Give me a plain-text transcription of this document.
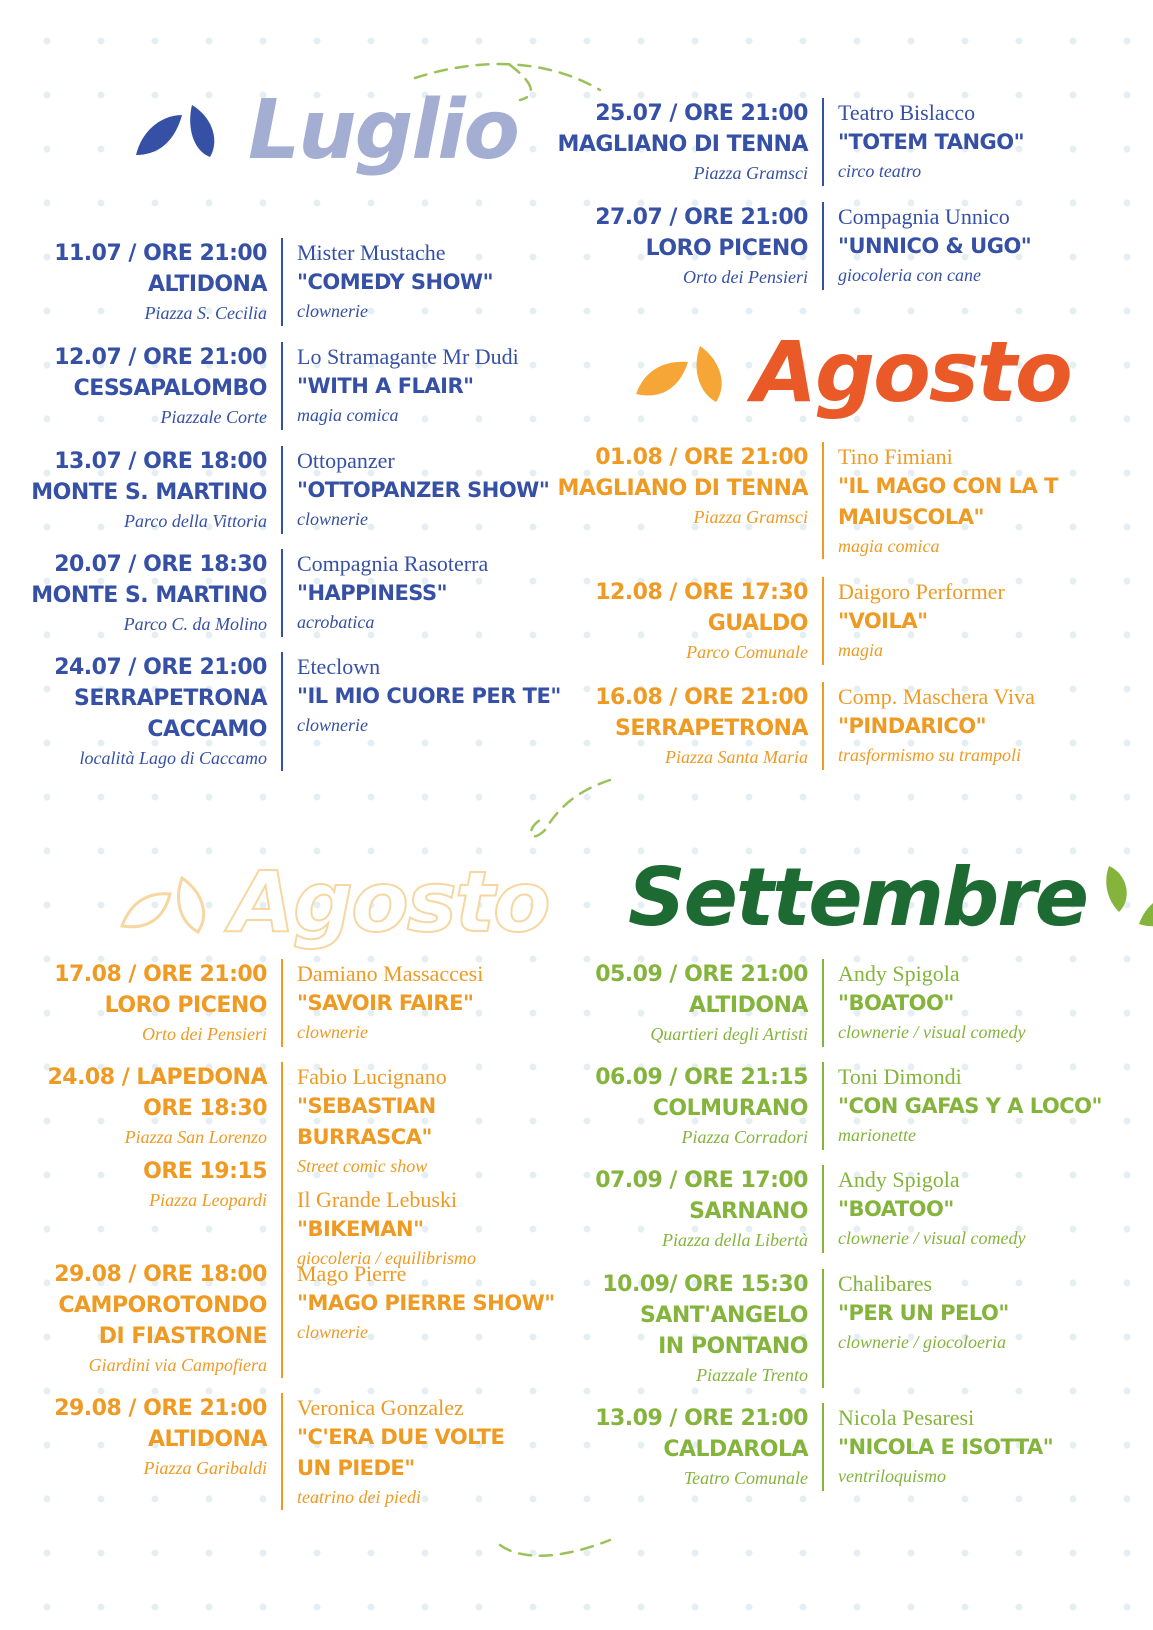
Luglio
Agosto
Agosto Settembre
11.07 / ORE 21:00
ALTIDONA
Piazza S. Cecilia
Mister Mustache
"COMEDY SHOW"
clownerie
12.07 / ORE 21:00
CESSAPALOMBO
Piazzale Corte
Lo Stramagante Mr Dudi
"WITH A FLAIR"
magia comica
13.07 / ORE 18:00
MONTE S. MARTINO
Parco della Vittoria
Ottopanzer
"OTTOPANZER SHOW"
clownerie
20.07 / ORE 18:30
MONTE S. MARTINO
Parco C. da Molino
Compagnia Rasoterra
"HAPPINESS"
acrobatica
24.07 / ORE 21:00
SERRAPETRONA
CACCAMO
località Lago di Caccamo
Eteclown
"IL MIO CUORE PER TE"
clownerie
25.07 / ORE 21:00
MAGLIANO DI TENNA
Piazza Gramsci
Teatro Bislacco
"TOTEM TANGO"
circo teatro
27.07 / ORE 21:00
LORO PICENO
Orto dei Pensieri
Compagnia Unnico
"UNNICO & UGO"
giocoleria con cane
01.08 / ORE 21:00
MAGLIANO DI TENNA
Piazza Gramsci
Tino Fimiani
"IL MAGO CON LA T
MAIUSCOLA"
magia comica
12.08 / ORE 17:30
GUALDO
Parco Comunale
Daigoro Performer
"VOILA"
magia
16.08 / ORE 21:00
SERRAPETRONA
Piazza Santa Maria
Comp. Maschera Viva
"PINDARICO"
trasformismo su trampoli
17.08 / ORE 21:00
LORO PICENO
Orto dei Pensieri
Damiano Massaccesi
"SAVOIR FAIRE"
clownerie
24.08 / LAPEDONA
ORE 18:30
Piazza San Lorenzo
ORE 19:15
Piazza Leopardi
Fabio Lucignano
"SEBASTIAN BURRASCA"
Street comic show
Il Grande Lebuski
"BIKEMAN"
giocoleria / equilibrismo
29.08 / ORE 18:00
CAMPOROTONDO
DI FIASTRONE
Giardini via Campofiera
Mago Pierre
"MAGO PIERRE SHOW"
clownerie
29.08 / ORE 21:00
ALTIDONA
Piazza Garibaldi
Veronica Gonzalez
"C'ERA DUE VOLTE
UN PIEDE"
teatrino dei piedi
05.09 / ORE 21:00
ALTIDONA
Quartieri degli Artisti
Andy Spigola
"BOATOO"
clownerie / visual comedy
06.09 / ORE 21:15
COLMURANO
Piazza Corradori
Toni Dimondi
"CON GAFAS Y A LOCO"
marionette
07.09 / ORE 17:00
SARNANO
Piazza della Libertà
Andy Spigola
"BOATOO"
clownerie / visual comedy
10.09/ ORE 15:30
SANT'ANGELO
IN PONTANO
Piazzale Trento
Chalibares
"PER UN PELO"
clownerie / giocoloeria
13.09 / ORE 21:00
CALDAROLA
Teatro Comunale
Nicola Pesaresi
"NICOLA E ISOTTA"
ventriloquismo
